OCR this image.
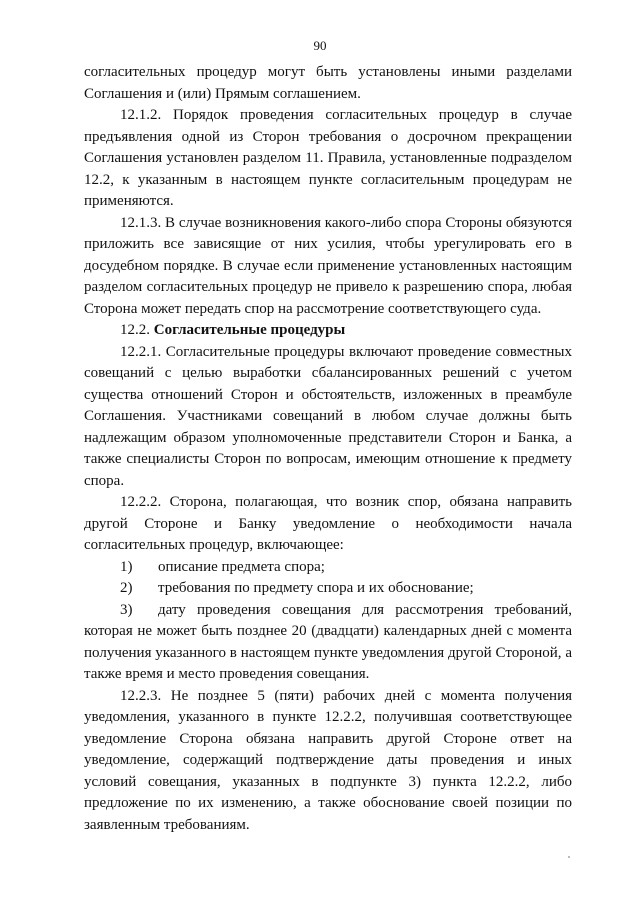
90

согласительных процедур могут быть установлены иными разделами Соглашения и (или) Прямым соглашением.

12.1.2. Порядок проведения согласительных процедур в случае предъявления одной из Сторон требования о досрочном прекращении Соглашения установлен разделом 11. Правила, установленные подразделом 12.2, к указанным в настоящем пункте согласительным процедурам не применяются.

12.1.3. В случае возникновения какого-либо спора Стороны обязуются приложить все зависящие от них усилия, чтобы урегулировать его в досудебном порядке. В случае если применение установленных настоящим разделом согласительных процедур не привело к разрешению спора, любая Сторона может передать спор на рассмотрение соответствующего суда.

12.2. Согласительные процедуры

12.2.1. Согласительные процедуры включают проведение совместных совещаний с целью выработки сбалансированных решений с учетом существа отношений Сторон и обстоятельств, изложенных в преамбуле Соглашения. Участниками совещаний в любом случае должны быть надлежащим образом уполномоченные представители Сторон и Банка, а также специалисты Сторон по вопросам, имеющим отношение к предмету спора.

12.2.2. Сторона, полагающая, что возник спор, обязана направить другой Стороне и Банку уведомление о необходимости начала согласительных процедур, включающее:

1)	описание предмета спора;
2)	требования по предмету спора и их обоснование;

3) дату проведения совещания для рассмотрения требований, которая не может быть позднее 20 (двадцати) календарных дней с момента получения указанного в настоящем пункте уведомления другой Стороной, а также время и место проведения совещания.

12.2.3. Не позднее 5 (пяти) рабочих дней с момента получения уведомления, указанного в пункте 12.2.2, получившая соответствующее уведомление Сторона обязана направить другой Стороне ответ на уведомление, содержащий подтверждение даты проведения и иных условий совещания, указанных в подпункте 3) пункта 12.2.2, либо предложение по их изменению, а также обоснование своей позиции по заявленным требованиям.
